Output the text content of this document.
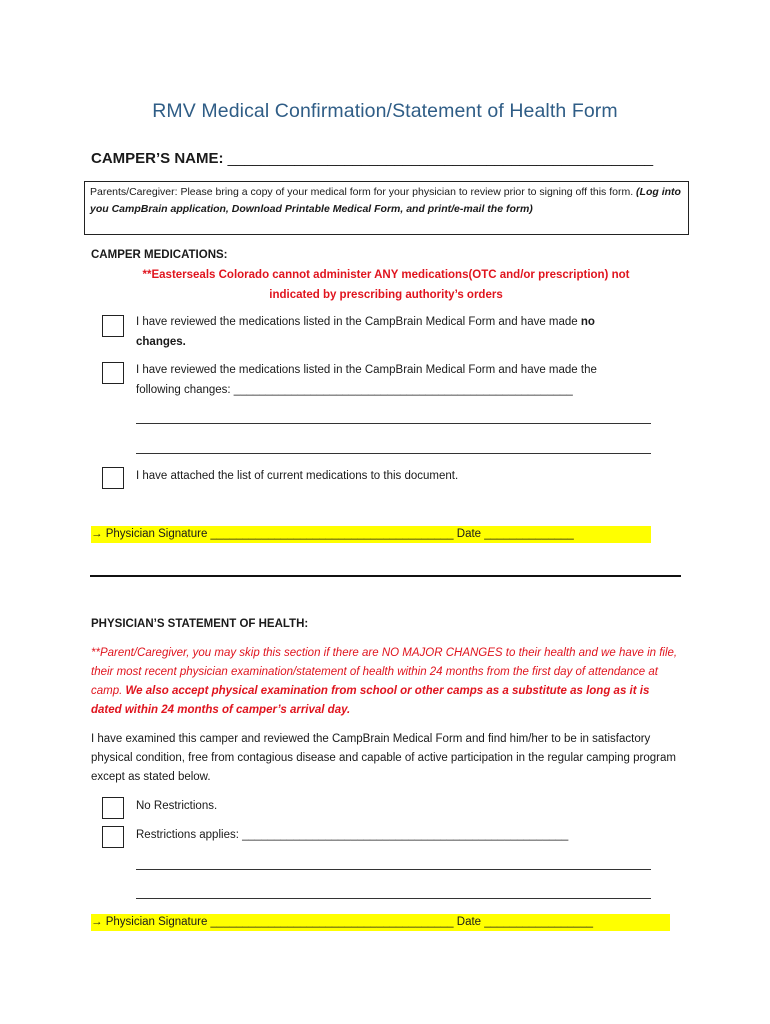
RMV Medical Confirmation/Statement of Health Form
CAMPER’S NAME: ___________________________________________________
Parents/Caregiver: Please bring a copy of your medical form for your physician to review prior to signing off this form. (Log into you CampBrain application, Download Printable Medical Form, and print/e-mail the form)
CAMPER MEDICATIONS:
**Easterseals Colorado cannot administer ANY medications(OTC and/or prescription) not
indicated by prescribing authority’s orders
I have reviewed the medications listed in the CampBrain Medical Form and have made no
changes.
I have reviewed the medications listed in the CampBrain Medical Form and have made the
following changes: _____________________________________________________
I have attached the list of current medications to this document.
→ Physician Signature ______________________________________ Date ______________
PHYSICIAN’S STATEMENT OF HEALTH:
**Parent/Caregiver, you may skip this section if there are NO MAJOR CHANGES to their health and we have in file, their most recent physician examination/statement of health within 24 months from the first day of attendance at camp. We also accept physical examination from school or other camps as a substitute as long as it is dated within 24 months of camper’s arrival day.
I have examined this camper and reviewed the CampBrain Medical Form and find him/her to be in satisfactory physical condition, free from contagious disease and capable of active participation in the regular camping program except as stated below.
No Restrictions.
Restrictions applies: ___________________________________________________
→ Physician Signature ______________________________________ Date _________________
